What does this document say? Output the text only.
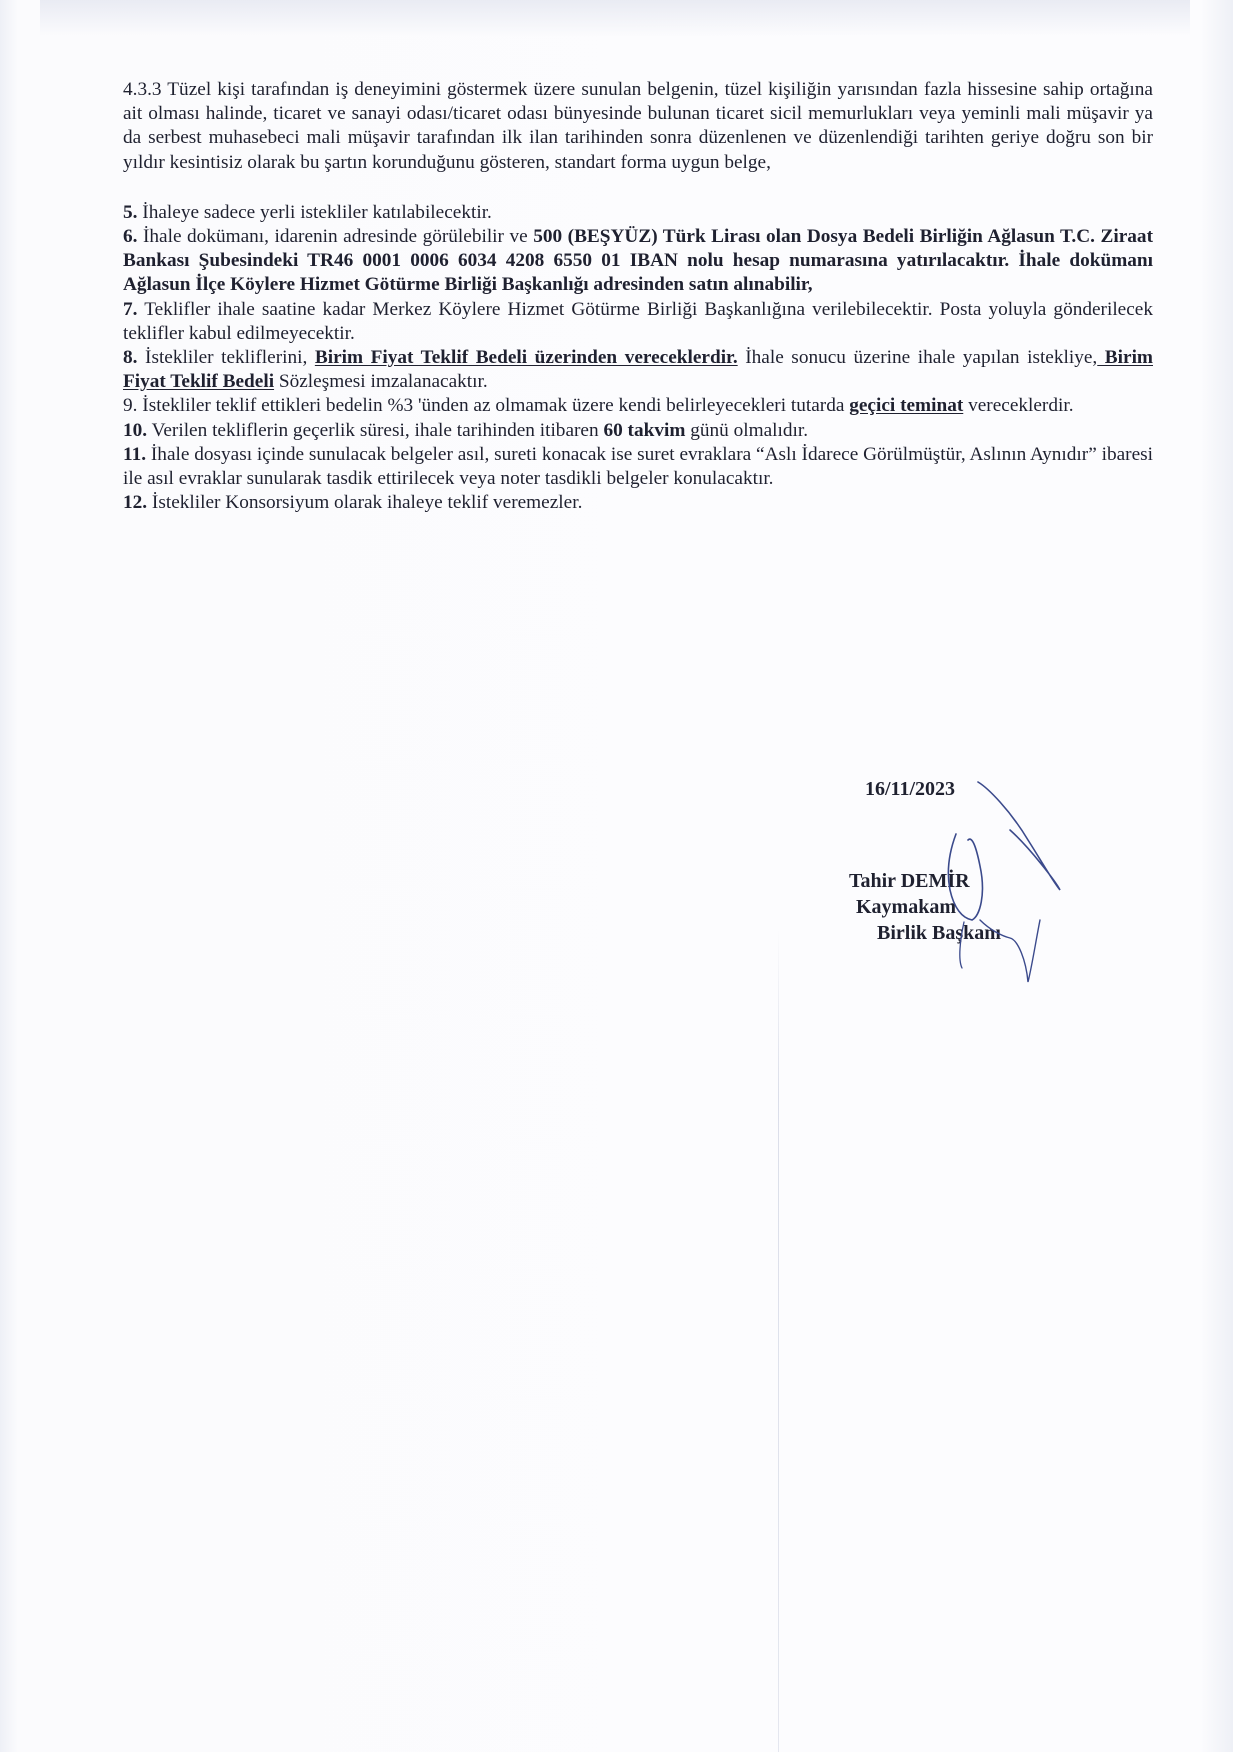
4.3.3 Tüzel kişi tarafından iş deneyimini göstermek üzere sunulan belgenin, tüzel kişiliğin yarısından fazla hissesine sahip ortağına ait olması halinde, ticaret ve sanayi odası/ticaret odası bünyesinde bulunan ticaret sicil memurlukları veya yeminli mali müşavir ya da serbest muhasebeci mali müşavir tarafından ilk ilan tarihinden sonra düzenlenen ve düzenlendiği tarihten geriye doğru son bir yıldır kesintisiz olarak bu şartın korunduğunu gösteren, standart forma uygun belge,

5. İhaleye sadece yerli istekliler katılabilecektir.

6. İhale dokümanı, idarenin adresinde görülebilir ve 500 (BEŞYÜZ) Türk Lirası olan Dosya Bedeli Birliğin Ağlasun T.C. Ziraat Bankası Şubesindeki TR46 0001 0006 6034 4208 6550 01 IBAN nolu hesap numarasına yatırılacaktır. İhale dokümanı Ağlasun İlçe Köylere Hizmet Götürme Birliği Başkanlığı adresinden satın alınabilir,

7. Teklifler ihale saatine kadar Merkez Köylere Hizmet Götürme Birliği Başkanlığına verilebilecektir. Posta yoluyla gönderilecek teklifler kabul edilmeyecektir.

8. İstekliler tekliflerini, Birim Fiyat Teklif Bedeli üzerinden vereceklerdir. İhale sonucu üzerine ihale yapılan istekliye, Birim Fiyat Teklif Bedeli Sözleşmesi imzalanacaktır.

9. İstekliler teklif ettikleri bedelin %3 'ünden az olmamak üzere kendi belirleyecekleri tutarda geçici teminat vereceklerdir.

10. Verilen tekliflerin geçerlik süresi, ihale tarihinden itibaren 60 takvim günü olmalıdır.

11. İhale dosyası içinde sunulacak belgeler asıl, sureti konacak ise suret evraklara “Aslı İdarece Görülmüştür, Aslının Aynıdır” ibaresi ile asıl evraklar sunularak tasdik ettirilecek veya noter tasdikli belgeler konulacaktır.

12. İstekliler Konsorsiyum olarak ihaleye teklif veremezler.

16/11/2023
Tahir DEMİR
Kaymakam
Birlik Başkanı
